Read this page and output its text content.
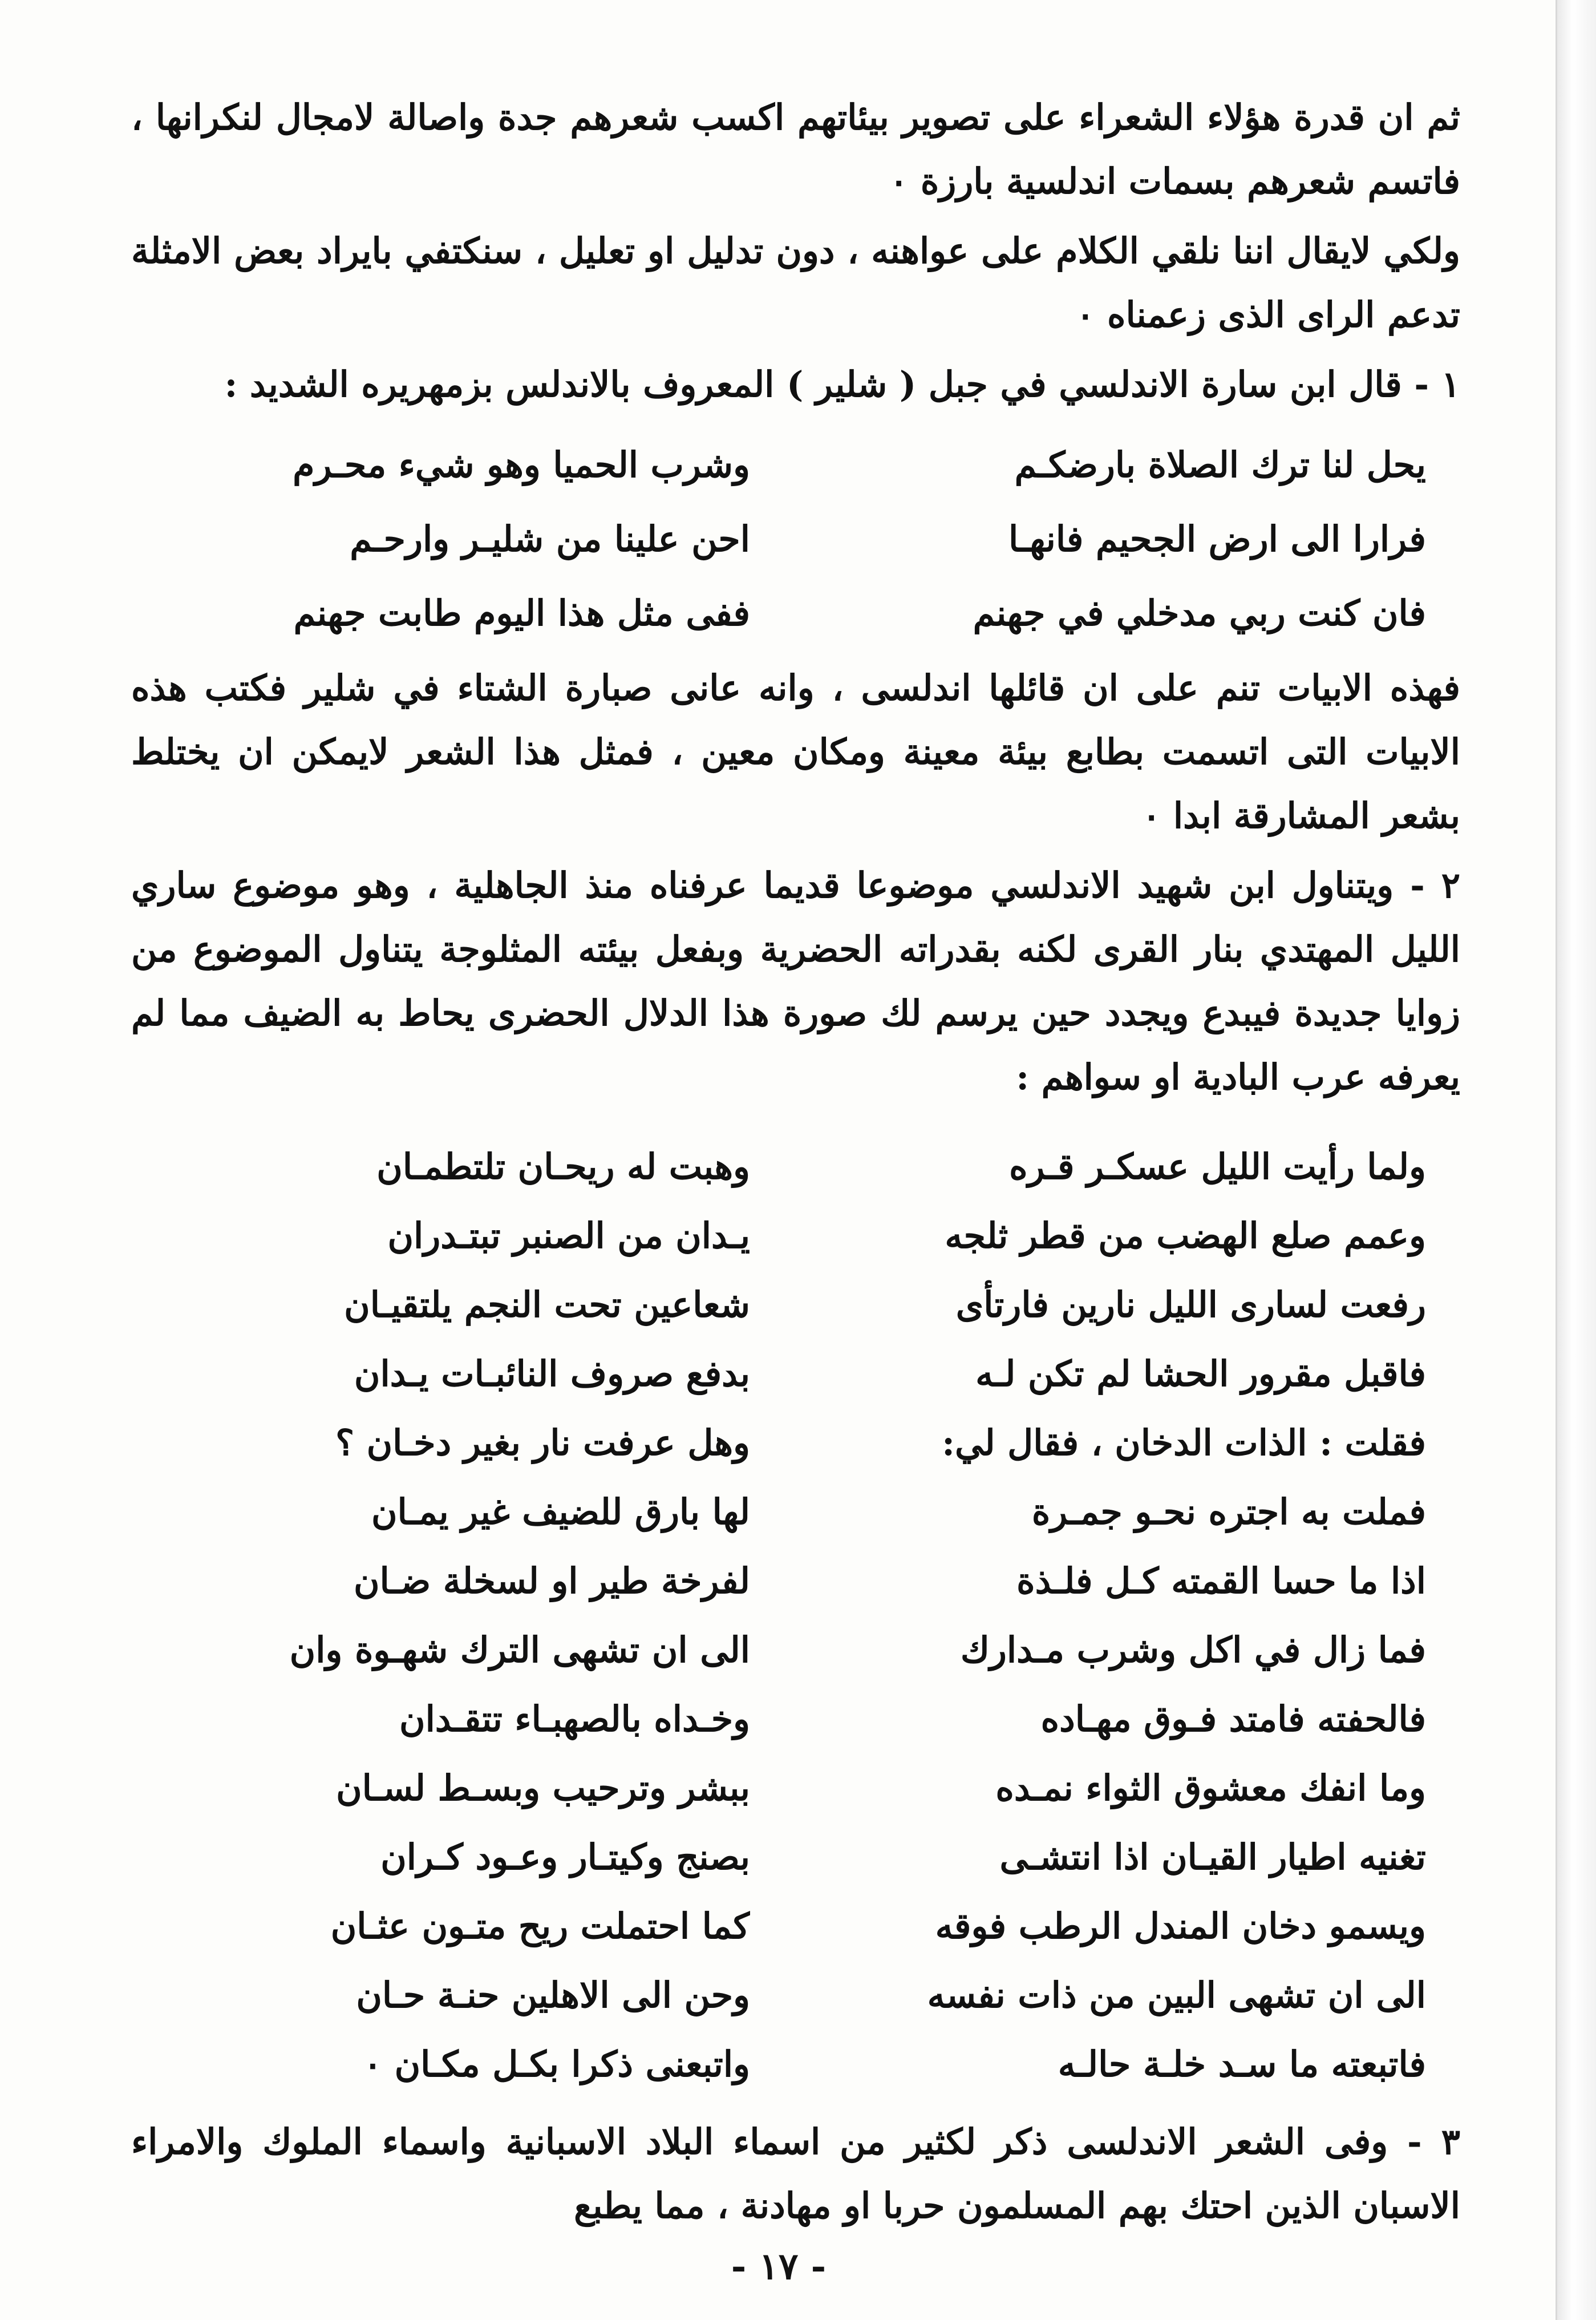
ثم ان قدرة هؤلاء الشعراء على تصوير بيئاتهم اكسب شعرهم جدة واصالة لامجال لنكرانها ، فاتسم شعرهم بسمات اندلسية بارزة ٠

ولكي لايقال اننا نلقي الكلام على عواهنه ، دون تدليل او تعليل ، سنكتفي بايراد بعض الامثلة تدعم الراى الذى زعمناه ٠

١ - قال ابن سارة الاندلسي في جبل ( شلير ) المعروف بالاندلس بزمهريره الشديد :

يحل لنا ترك الصلاة بارضكـم
وشرب الحميا وهو شيء محـرم
فرارا الى ارض الجحيم فانهـا
احن علينا من شليـر وارحـم
فان كنت ربي مدخلي في جهنم
ففى مثل هذا اليوم طابت جهنم

فهذه الابيات تنم على ان قائلها اندلسى ، وانه عانى صبارة الشتاء في شلير فكتب هذه الابيات التى اتسمت بطابع بيئة معينة ومكان معين ، فمثل هذا الشعر لايمكن ان يختلط بشعر المشارقة ابدا ٠

٢ - ويتناول ابن شهيد الاندلسي موضوعا قديما عرفناه منذ الجاهلية ، وهو موضوع ساري الليل المهتدي بنار القرى لكنه بقدراته الحضرية وبفعل بيئته المثلوجة يتناول الموضوع من زوايا جديدة فيبدع ويجدد حين يرسم لك صورة هذا الدلال الحضرى يحاط به الضيف مما لم يعرفه عرب البادية او سواهم :

ولما رأيت الليل عسكـر قـره
وهبت له ريحـان تلتطمـان
وعمم صلع الهضب من قطر ثلجه
يـدان من الصنبر تبتـدران
رفعت لسارى الليل نارين فارتأى
شعاعين تحت النجم يلتقيـان
فاقبل مقرور الحشا لم تكن لـه
بدفع صروف النائبـات يـدان
فقلت : الذات الدخان ، فقال لي:
وهل عرفت نار بغير دخـان ؟
فملت به اجتره نحـو جمـرة
لها بارق للضيف غير يمـان
اذا ما حسا القمته كـل فلـذة
لفرخة طير او لسخلة ضـان
فما زال في اكل وشرب مـدارك
الى ان تشهى الترك شهـوة وان
فالحفته فامتد فـوق مهـاده
وخـداه بالصهبـاء تتقـدان
وما انفك معشوق الثواء نمـده
ببشر وترحيب وبسـط لسـان
تغنيه اطيار القيـان اذا انتشـى
بصنج وكيتـار وعـود كـران
ويسمو دخان المندل الرطب فوقه
كما احتملت ريح متـون عثـان
الى ان تشهى البين من ذات نفسه
وحن الى الاهلين حنـة حـان
فاتبعته ما سـد خلـة حالـه
واتبعنى ذكرا بكـل مكـان ٠

٣ - وفى الشعر الاندلسى ذكر لكثير من اسماء البلاد الاسبانية واسماء الملوك والامراء الاسبان الذين احتك بهم المسلمون حربا او مهادنة ، مما يطبع

- ١٧ -
